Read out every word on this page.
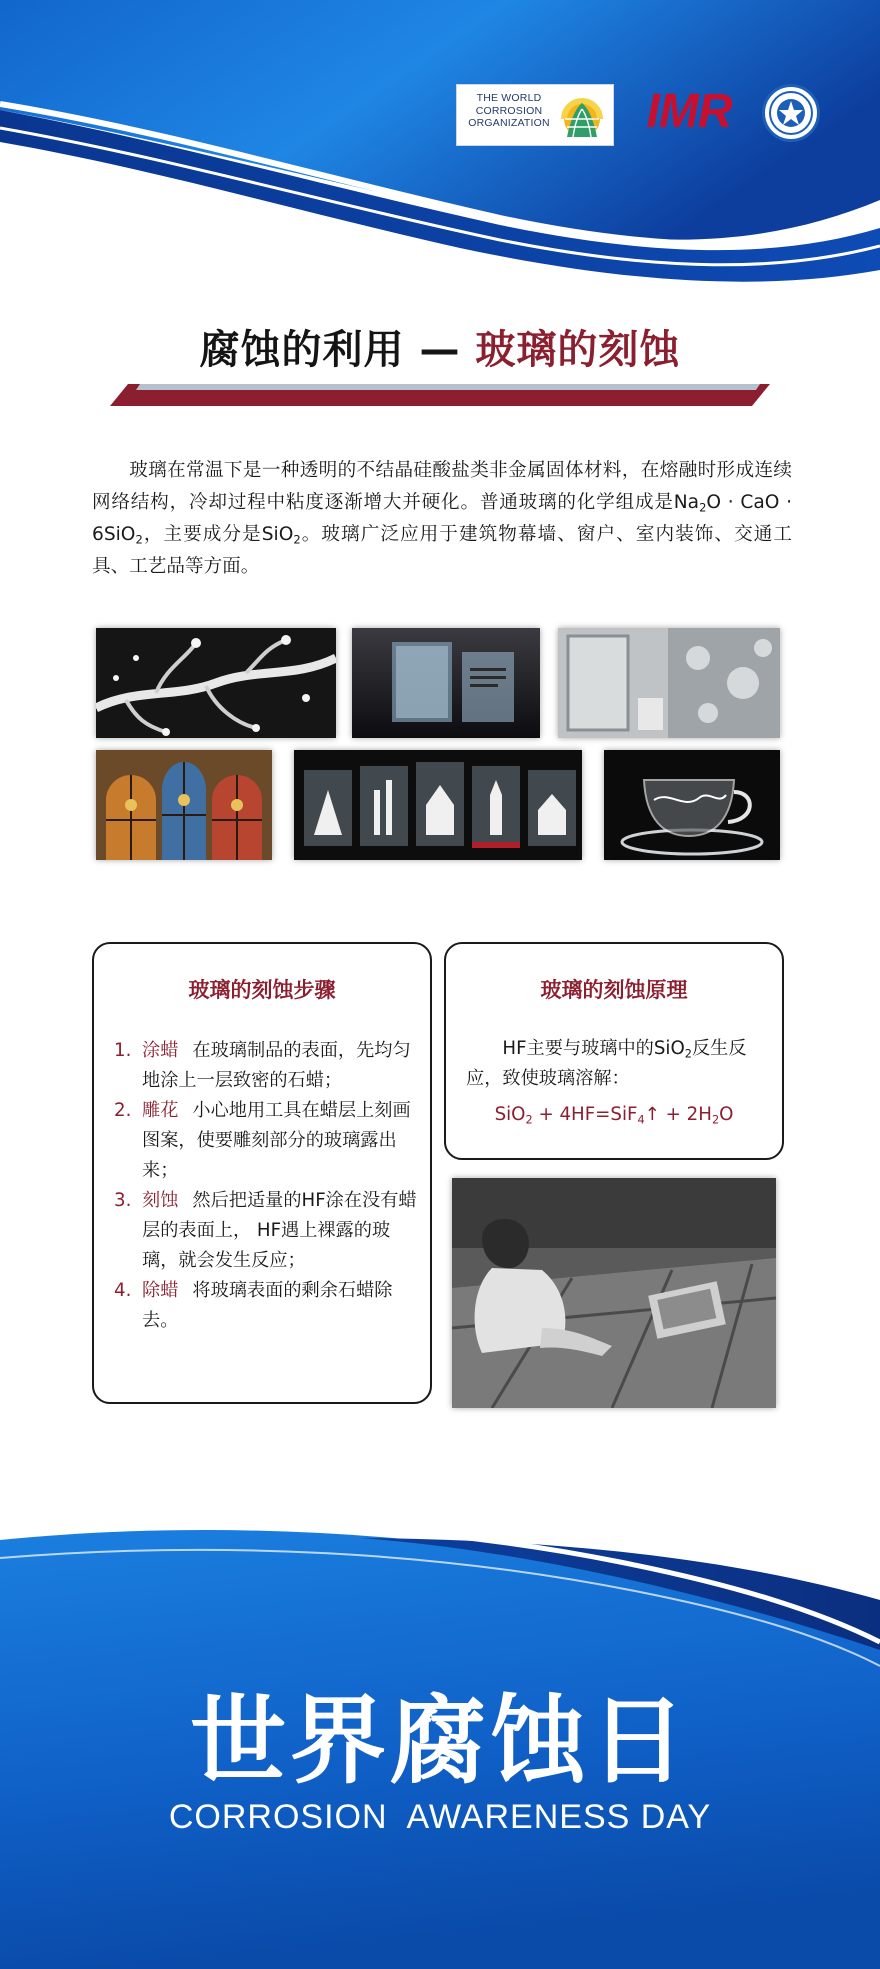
THE WORLD
CORROSION
ORGANIZATION	IMR
腐蚀的利用 — 玻璃的刻蚀

玻璃在常温下是一种透明的不结晶硅酸盐类非金属固体材料，在熔融时形成连续网络结构，冷却过程中粘度逐渐增大并硬化。普通玻璃的化学组成是$Na_2O$ · CaO · 6SiO$_2$，主要成分是SiO$_2$。玻璃广泛应用于建筑物幕墙、窗户、室内装饰、交通工具、工艺品等方面。

玻璃的刻蚀步骤
1. 涂蜡 在玻璃制品的表面，先均匀地涂上一层致密的石蜡；
2. 雕花 小心地用工具在蜡层上刻画图案，使要雕刻部分的玻璃露出来；
3. 刻蚀 然后把适量的HF涂在没有蜡层的表面上， HF遇上裸露的玻璃，就会发生反应；
4. 除蜡 将玻璃表面的剩余石蜡除去。
玻璃的刻蚀原理
HF主要与玻璃中的SiO$_2$反生反应，致使玻璃溶解：
SiO$_2$ + 4HF=SiF$_4$↑ + $2H_2O$
世界腐蚀日
CORROSION  AWARENESS DAY
